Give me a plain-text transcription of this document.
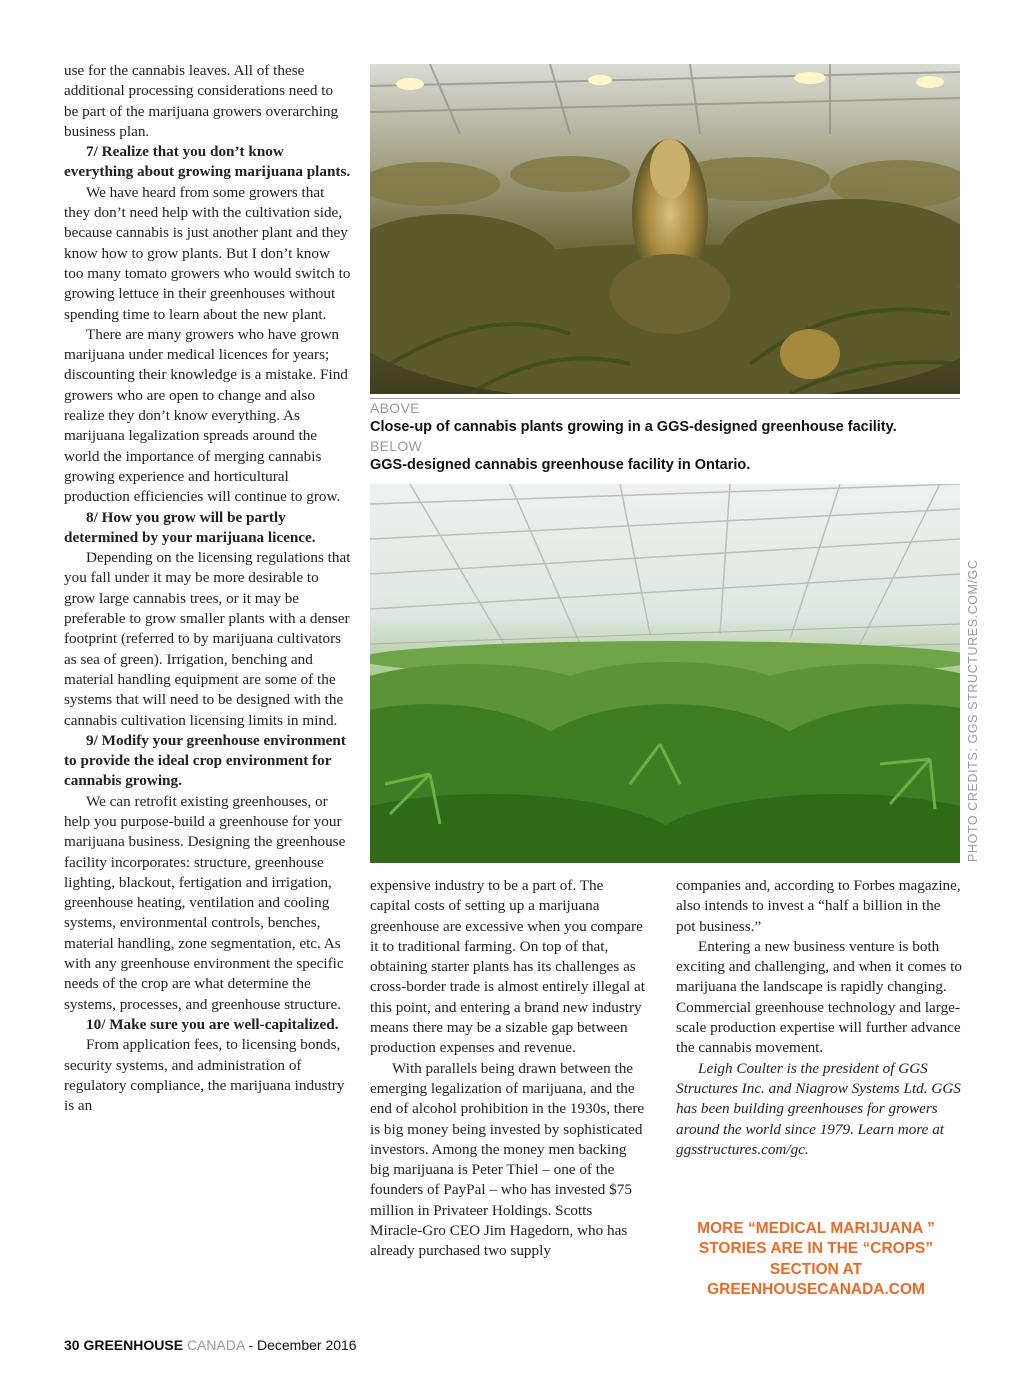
use for the cannabis leaves. All of these additional processing considerations need to be part of the marijuana growers overarching business plan.

7/ Realize that you don’t know everything about growing marijuana plants.

We have heard from some growers that they don’t need help with the cultivation side, because cannabis is just another plant and they know how to grow plants. But I don’t know too many tomato growers who would switch to growing lettuce in their greenhouses without spending time to learn about the new plant.

There are many growers who have grown marijuana under medical licences for years; discounting their knowledge is a mistake. Find growers who are open to change and also realize they don’t know everything. As marijuana legalization spreads around the world the importance of merging cannabis growing experience and horticultural production efficiencies will continue to grow.

8/ How you grow will be partly determined by your marijuana licence.

Depending on the licensing regulations that you fall under it may be more desirable to grow large cannabis trees, or it may be preferable to grow smaller plants with a denser footprint (referred to by marijuana cultivators as sea of green). Irrigation, benching and material handling equipment are some of the systems that will need to be designed with the cannabis cultivation licensing limits in mind.

9/ Modify your greenhouse environment to provide the ideal crop environment for cannabis growing.

We can retrofit existing greenhouses, or help you purpose-build a greenhouse for your marijuana business. Designing the greenhouse facility incorporates: structure, greenhouse lighting, blackout, fertigation and irrigation, greenhouse heating, ventilation and cooling systems, environmental controls, benches, material handling, zone segmentation, etc. As with any greenhouse environment the specific needs of the crop are what determine the systems, processes, and greenhouse structure.

10/ Make sure you are well-capitalized.

From application fees, to licensing bonds, security systems, and administration of regulatory compliance, the marijuana industry is an

ABOVE
Close-up of cannabis plants growing in a GGS-designed greenhouse facility.
BELOW
GGS-designed cannabis greenhouse facility in Ontario.
PHOTO CREDITS: GGS STRUCTURES.COM/GC

expensive industry to be a part of. The capital costs of setting up a marijuana greenhouse are excessive when you compare it to traditional farming. On top of that, obtaining starter plants has its challenges as cross-border trade is almost entirely illegal at this point, and entering a brand new industry means there may be a sizable gap between production expenses and revenue.

With parallels being drawn between the emerging legalization of marijuana, and the end of alcohol prohibition in the 1930s, there is big money being invested by sophisticated investors. Among the money men backing big marijuana is Peter Thiel – one of the founders of PayPal – who has invested $75 million in Privateer Holdings. Scotts Miracle-Gro CEO Jim Hagedorn, who has already purchased two supply

companies and, according to Forbes magazine, also intends to invest a “half a billion in the pot business.”

Entering a new business venture is both exciting and challenging, and when it comes to marijuana the landscape is rapidly changing. Commercial greenhouse technology and large-scale production expertise will further advance the cannabis movement.

Leigh Coulter is the president of GGS Structures Inc. and Niagrow Systems Ltd. GGS has been building greenhouses for growers around the world since 1979. Learn more at ggsstructures.com/gc.

MORE “MEDICAL MARIJUANA ” STORIES ARE IN THE “CROPS” SECTION AT GREENHOUSECANADA.COM
30 GREENHOUSE CANADA - December 2016
